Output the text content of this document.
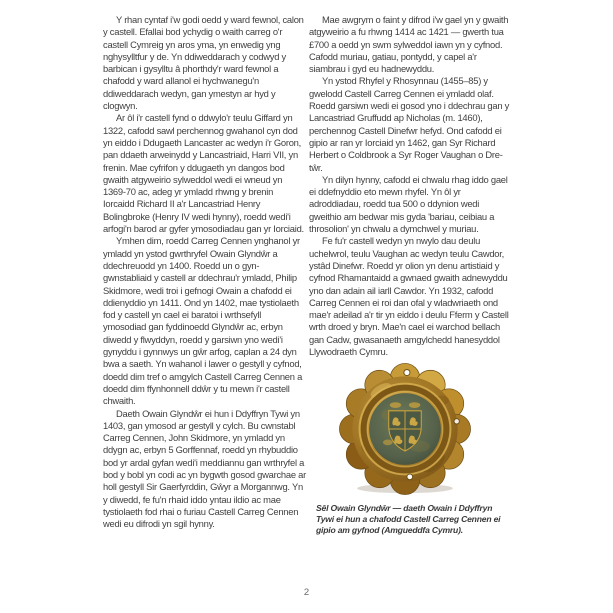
Y rhan cyntaf i'w godi oedd y ward fewnol, calon y castell. Efallai bod ychydig o waith carreg o'r castell Cymreig yn aros yma, yn enwedig yng nghysylltfur y de. Yn ddiweddarach y codwyd y barbican i gysylltu â phorthdy'r ward fewnol a chafodd y ward allanol ei hychwanegu'n ddiweddarach wedyn, gan ymestyn ar hyd y clogwyn.

Ar ôl i'r castell fynd o ddwylo'r teulu Giffard yn 1322, cafodd sawl perchennog gwahanol cyn dod yn eiddo i Ddugaeth Lancaster ac wedyn i'r Goron, pan ddaeth arweinydd y Lancastriaid, Harri VII, yn frenin. Mae cyfrifon y ddugaeth yn dangos bod gwaith atgyweirio sylweddol wedi ei wneud yn 1369-70 ac, adeg yr ymladd rhwng y brenin Iorcaidd Richard II a'r Lancastriad Henry Bolingbroke (Henry IV wedi hynny), roedd wedi'i arfogi'n barod ar gyfer ymosodiadau gan yr Iorciaid.

Ymhen dim, roedd Carreg Cennen ynghanol yr ymladd yn ystod gwrthryfel Owain Glyndŵr a ddechreuodd yn 1400. Roedd un o gyn-gwnstabliaid y castell ar ddechrau'r ymladd, Philip Skidmore, wedi troi i gefnogi Owain a chafodd ei ddienyddio yn 1411. Ond yn 1402, mae tystiolaeth fod y castell yn cael ei baratoi i wrthsefyll ymosodiad gan fyddinoedd Glyndŵr ac, erbyn diwedd y flwyddyn, roedd y garsiwn yno wedi'i gynyddu i gynnwys un gŵr arfog, caplan a 24 dyn bwa a saeth. Yn wahanol i lawer o gestyll y cyfnod, doedd dim tref o amgylch Castell Carreg Cennen a doedd dim ffynhonnell ddŵr y tu mewn i'r castell chwaith.

Daeth Owain Glyndŵr ei hun i Ddyffryn Tywi yn 1403, gan ymosod ar gestyll y cylch. Bu cwnstabl Carreg Cennen, John Skidmore, yn ymladd yn ddygn ac, erbyn 5 Gorffennaf, roedd yn rhybuddio bod yr ardal gyfan wedi'i meddiannu gan wrthryfel a bod y bobl yn codi ac yn bygwth gosod gwarchae ar holl gestyll Sir Gaerfyrddin, Gŵyr a Morgannwg. Yn y diwedd, fe fu'n rhaid iddo yntau ildio ac mae tystiolaeth fod rhai o furiau Castell Carreg Cennen wedi eu difrodi yn sgil hynny.

Mae awgrym o faint y difrod i'w gael yn y gwaith atgyweirio a fu rhwng 1414 ac 1421 — gwerth tua £700 a oedd yn swm sylweddol iawn yn y cyfnod. Cafodd muriau, gatiau, pontydd, y capel a'r siambrau i gyd eu hadnewyddu.

Yn ystod Rhyfel y Rhosynnau (1455–85) y gwelodd Castell Carreg Cennen ei ymladd olaf. Roedd garsiwn wedi ei gosod yno i ddechrau gan y Lancastriad Gruffudd ap Nicholas (m. 1460), perchennog Castell Dinefwr hefyd. Ond cafodd ei gipio ar ran yr Iorciaid yn 1462, gan Syr Richard Herbert o Coldbrook a Syr Roger Vaughan o Dre-tŵr.

Yn dilyn hynny, cafodd ei chwalu rhag iddo gael ei ddefnyddio eto mewn rhyfel. Yn ôl yr adroddiadau, roedd tua 500 o ddynion wedi gweithio am bedwar mis gyda 'bariau, ceibiau a throsolion' yn chwalu a dymchwel y muriau.

Fe fu'r castell wedyn yn nwylo dau deulu uchelwrol, teulu Vaughan ac wedyn teulu Cawdor, ystâd Dinefwr. Roedd yr olion yn denu artistiaid y cyfnod Rhamantaidd a gwnaed gwaith adnewyddu yno dan adain ail iarll Cawdor. Yn 1932, cafodd Carreg Cennen ei roi dan ofal y wladwriaeth ond mae'r adeilad a'r tir yn eiddo i deulu Fferm y Castell wrth droed y bryn. Mae'n cael ei warchod bellach gan Cadw, gwasanaeth amgylchedd hanesyddol Llywodraeth Cymru.

Sêl Owain Glyndŵr — daeth Owain i Ddyffryn Tywi ei hun a chafodd Castell Carreg Cennen ei gipio am gyfnod (Amgueddfa Cymru).
2
